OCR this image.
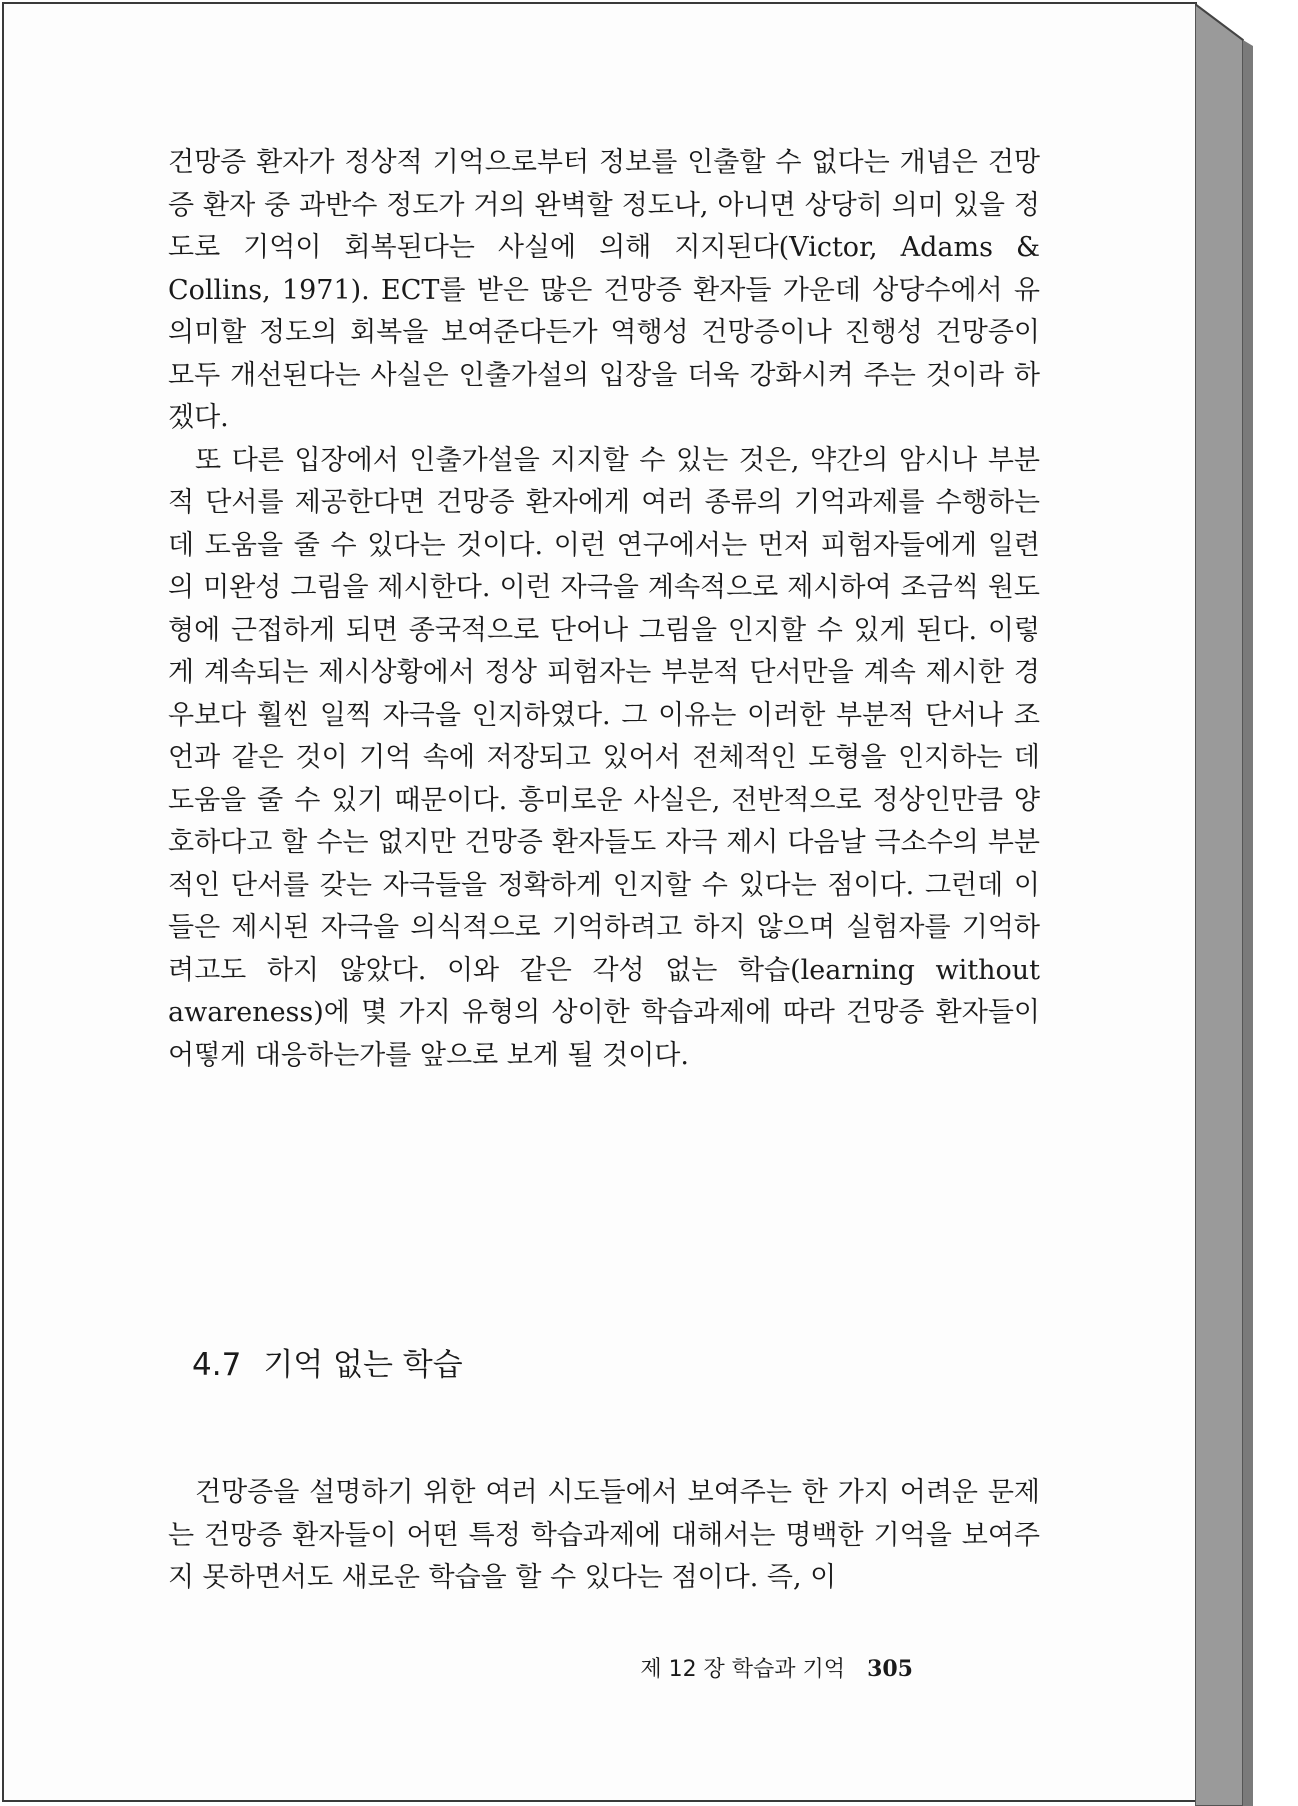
건망증 환자가 정상적 기억으로부터 정보를 인출할 수 없다는 개념은 건망증 환자 중 과반수 정도가 거의 완벽할 정도나, 아니면 상당히 의미 있을 정도로 기억이 회복된다는 사실에 의해 지지된다(Victor, Adams & Collins, 1971). ECT를 받은 많은 건망증 환자들 가운데 상당수에서 유의미할 정도의 회복을 보여준다든가 역행성 건망증이나 진행성 건망증이 모두 개선된다는 사실은 인출가설의 입장을 더욱 강화시켜 주는 것이라 하겠다.

또 다른 입장에서 인출가설을 지지할 수 있는 것은, 약간의 암시나 부분적 단서를 제공한다면 건망증 환자에게 여러 종류의 기억과제를 수행하는 데 도움을 줄 수 있다는 것이다. 이런 연구에서는 먼저 피험자들에게 일련의 미완성 그림을 제시한다. 이런 자극을 계속적으로 제시하여 조금씩 원도형에 근접하게 되면 종국적으로 단어나 그림을 인지할 수 있게 된다. 이렇게 계속되는 제시상황에서 정상 피험자는 부분적 단서만을 계속 제시한 경우보다 훨씬 일찍 자극을 인지하였다. 그 이유는 이러한 부분적 단서나 조언과 같은 것이 기억 속에 저장되고 있어서 전체적인 도형을 인지하는 데 도움을 줄 수 있기 때문이다. 흥미로운 사실은, 전반적으로 정상인만큼 양호하다고 할 수는 없지만 건망증 환자들도 자극 제시 다음날 극소수의 부분적인 단서를 갖는 자극들을 정확하게 인지할 수 있다는 점이다. 그런데 이들은 제시된 자극을 의식적으로 기억하려고 하지 않으며 실험자를 기억하려고도 하지 않았다. 이와 같은 각성 없는 학습(learning without awareness)에 몇 가지 유형의 상이한 학습과제에 따라 건망증 환자들이 어떻게 대응하는가를 앞으로 보게 될 것이다.

4.7 기억 없는 학습

건망증을 설명하기 위한 여러 시도들에서 보여주는 한 가지 어려운 문제는 건망증 환자들이 어떤 특정 학습과제에 대해서는 명백한 기억을 보여주지 못하면서도 새로운 학습을 할 수 있다는 점이다. 즉, 이

제 12 장 학습과 기억 305
